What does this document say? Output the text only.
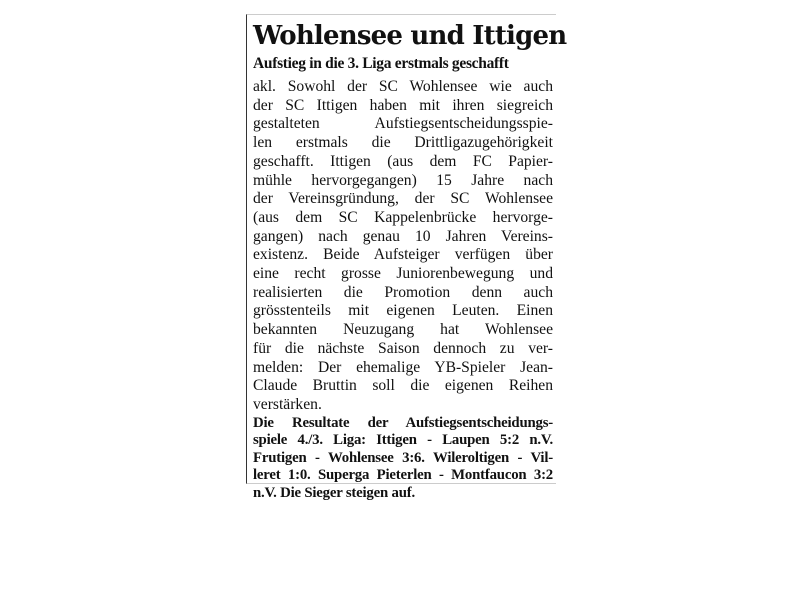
Wohlensee und Ittigen
Aufstieg in die 3. Liga erstmals geschafft
akl. Sowohl der SC Wohlensee wie auch
der SC Ittigen haben mit ihren siegreich
gestalteten Aufstiegsentscheidungsspie-
len erstmals die Drittligazugehörigkeit
geschafft. Ittigen (aus dem FC Papier-
mühle hervorgegangen) 15 Jahre nach
der Vereinsgründung, der SC Wohlensee
(aus dem SC Kappelenbrücke hervorge-
gangen) nach genau 10 Jahren Vereins-
existenz. Beide Aufsteiger verfügen über
eine recht grosse Juniorenbewegung und
realisierten die Promotion denn auch
grösstenteils mit eigenen Leuten. Einen
bekannten Neuzugang hat Wohlensee
für die nächste Saison dennoch zu ver-
melden: Der ehemalige YB-Spieler Jean-
Claude Bruttin soll die eigenen Reihen
verstärken.
Die Resultate der Aufstiegsentscheidungs-
spiele 4./3. Liga: Ittigen - Laupen 5:2 n.V.
Frutigen - Wohlensee 3:6. Wileroltigen - Vil-
leret 1:0. Superga Pieterlen - Montfaucon 3:2
n.V. Die Sieger steigen auf.
